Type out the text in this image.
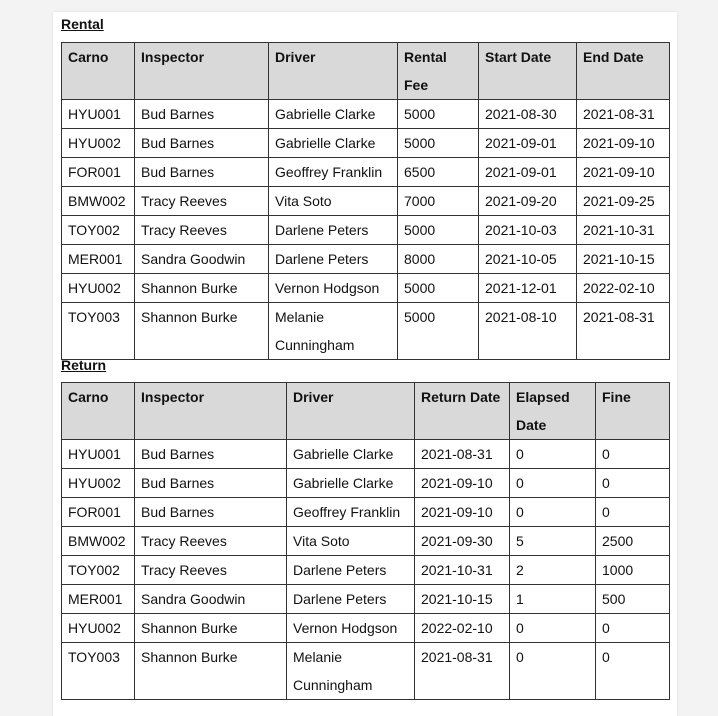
Rental
Carno	Inspector	Driver	Rental Fee	Start Date	End Date
HYU001	Bud Barnes	Gabrielle Clarke	5000	2021-08-30	2021-08-31
HYU002	Bud Barnes	Gabrielle Clarke	5000	2021-09-01	2021-09-10
FOR001	Bud Barnes	Geoffrey Franklin	6500	2021-09-01	2021-09-10
BMW002	Tracy Reeves	Vita Soto	7000	2021-09-20	2021-09-25
TOY002	Tracy Reeves	Darlene Peters	5000	2021-10-03	2021-10-31
MER001	Sandra Goodwin	Darlene Peters	8000	2021-10-05	2021-10-15
HYU002	Shannon Burke	Vernon Hodgson	5000	2021-12-01	2022-02-10
TOY003	Shannon Burke	Melanie Cunningham	5000	2021-08-10	2021-08-31
Return
Carno	Inspector	Driver	Return Date	Elapsed Date	Fine
HYU001	Bud Barnes	Gabrielle Clarke	2021-08-31	0	0
HYU002	Bud Barnes	Gabrielle Clarke	2021-09-10	0	0
FOR001	Bud Barnes	Geoffrey Franklin	2021-09-10	0	0
BMW002	Tracy Reeves	Vita Soto	2021-09-30	5	2500
TOY002	Tracy Reeves	Darlene Peters	2021-10-31	2	1000
MER001	Sandra Goodwin	Darlene Peters	2021-10-15	1	500
HYU002	Shannon Burke	Vernon Hodgson	2022-02-10	0	0
TOY003	Shannon Burke	Melanie Cunningham	2021-08-31	0	0
